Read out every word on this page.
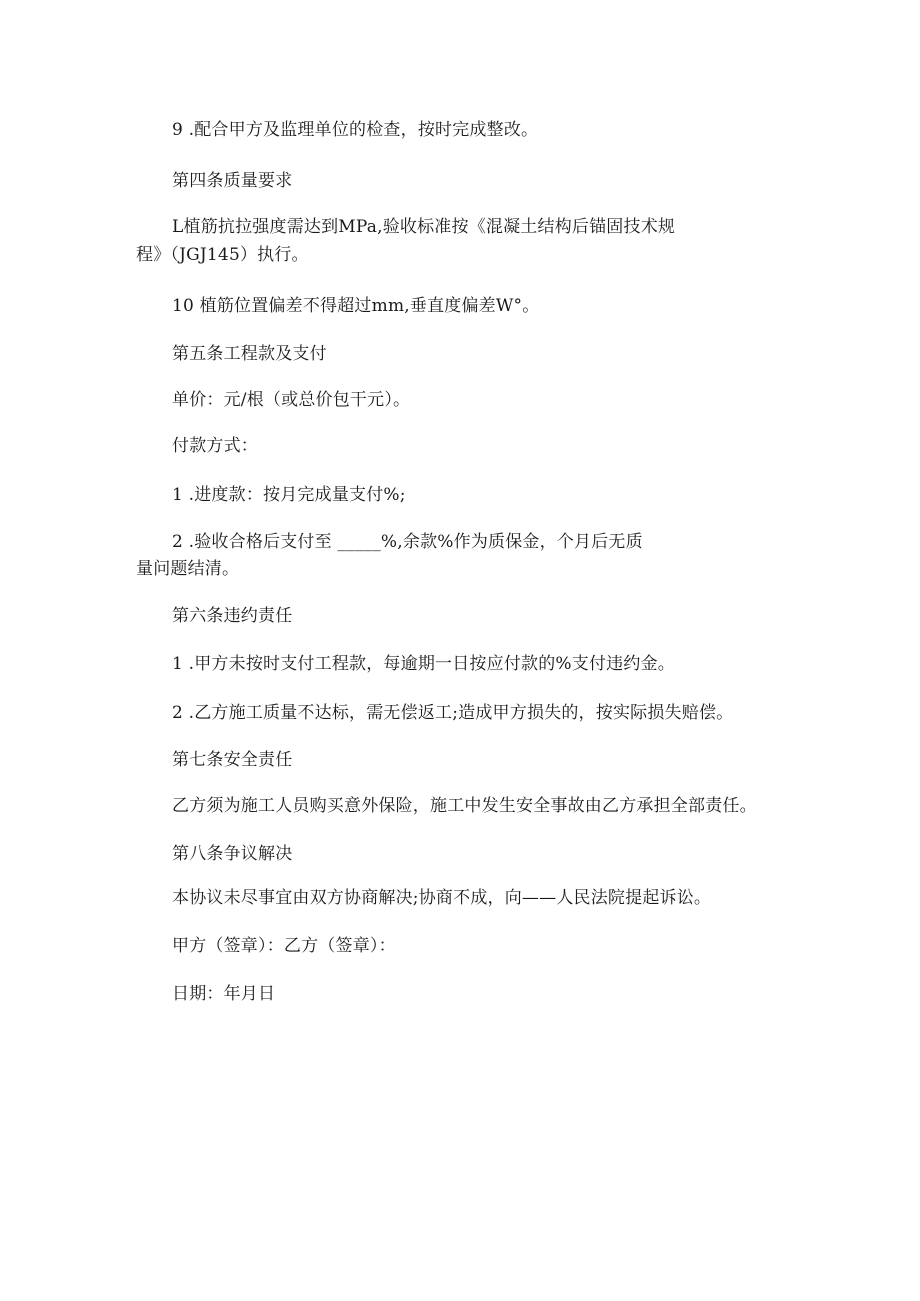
9 .配合甲方及监理单位的检查，按时完成整改。
第四条质量要求
L植筋抗拉强度需达到MPa,验收标准按《混凝土结构后锚固技术规
程》（JGJ145）执行。
10 植筋位置偏差不得超过mm,垂直度偏差W°。
第五条工程款及支付
单价：元/根（或总价包干元）。
付款方式：
1 .进度款：按月完成量支付%;
2 .验收合格后支付至 _____%,余款%作为质保金，个月后无质
量问题结清。
第六条违约责任
1 .甲方未按时支付工程款，每逾期一日按应付款的%支付违约金。
2 .乙方施工质量不达标，需无偿返工;造成甲方损失的，按实际损失赔偿。
第七条安全责任
乙方须为施工人员购买意外保险，施工中发生安全事故由乙方承担全部责任。
第八条争议解决
本协议未尽事宜由双方协商解决;协商不成，向——人民法院提起诉讼。
甲方（签章）：乙方（签章）：
日期：年月日
